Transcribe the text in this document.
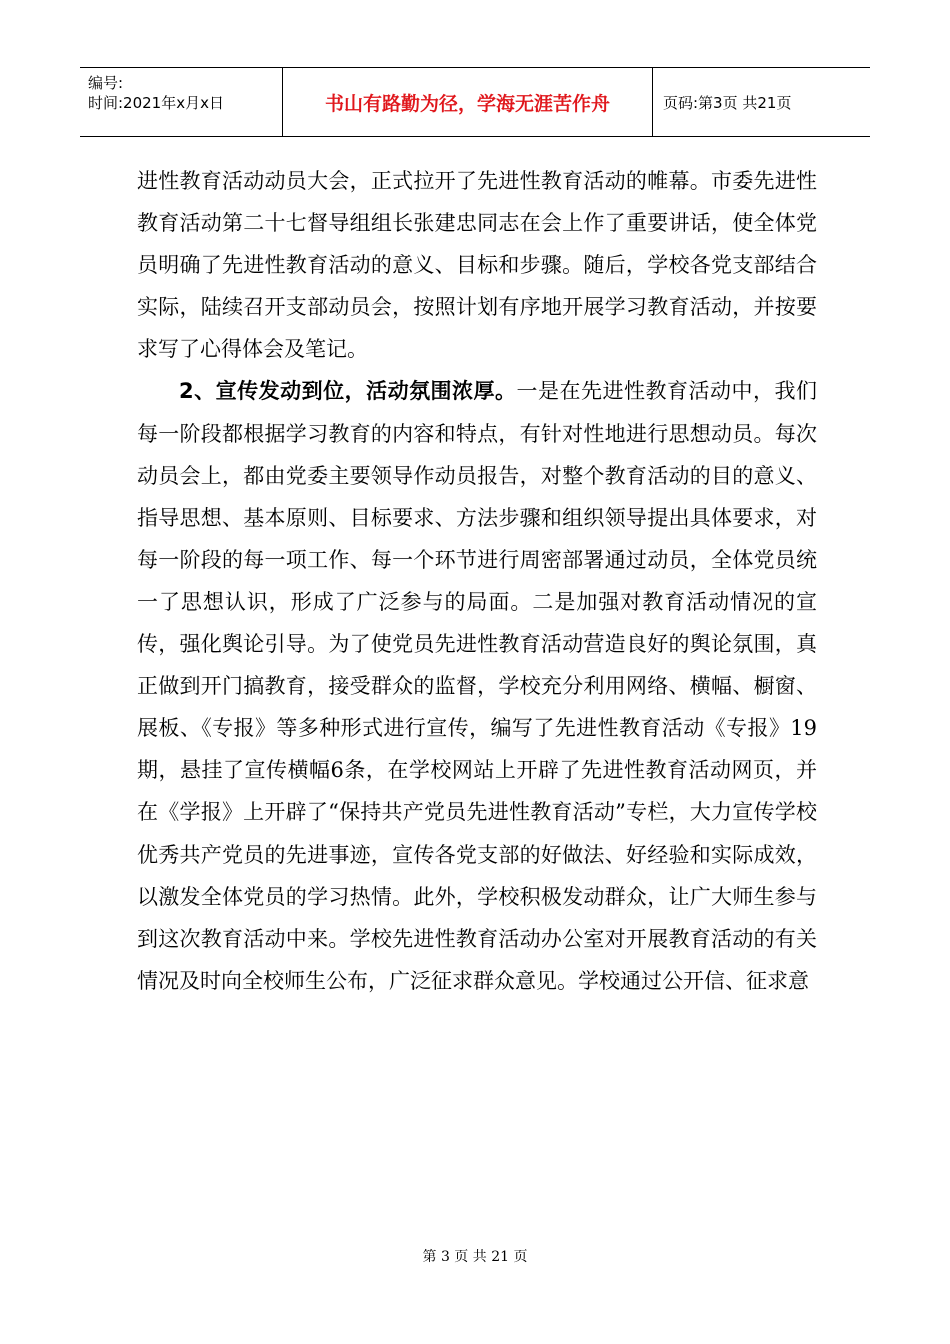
编号:
时间:2021年x月x日	书山有路勤为径，学海无涯苦作舟	页码:第3页 共21页

进性教育活动动员大会，正式拉开了先进性教育活动的帷幕。市委先进性教育活动第二十七督导组组长张建忠同志在会上作了重要讲话，使全体党员明确了先进性教育活动的意义、目标和步骤。随后，学校各党支部结合实际，陆续召开支部动员会，按照计划有序地开展学习教育活动，并按要求写了心得体会及笔记。

2、宣传发动到位，活动氛围浓厚。一是在先进性教育活动中，我们每一阶段都根据学习教育的内容和特点，有针对性地进行思想动员。每次动员会上，都由党委主要领导作动员报告，对整个教育活动的目的意义、指导思想、基本原则、目标要求、方法步骤和组织领导提出具体要求，对每一阶段的每一项工作、每一个环节进行周密部署通过动员，全体党员统一了思想认识，形成了广泛参与的局面。二是加强对教育活动情况的宣传，强化舆论引导。为了使党员先进性教育活动营造良好的舆论氛围，真正做到开门搞教育，接受群众的监督，学校充分利用网络、横幅、橱窗、展板、《专报》等多种形式进行宣传，编写了先进性教育活动《专报》19期，悬挂了宣传横幅6条，在学校网站上开辟了先进性教育活动网页，并在《学报》上开辟了“保持共产党员先进性教育活动”专栏，大力宣传学校优秀共产党员的先进事迹，宣传各党支部的好做法、好经验和实际成效，以激发全体党员的学习热情。此外，学校积极发动群众，让广大师生参与到这次教育活动中来。学校先进性教育活动办公室对开展教育活动的有关情况及时向全校师生公布，广泛征求群众意见。学校通过公开信、征求意

第 3 页 共 21 页
